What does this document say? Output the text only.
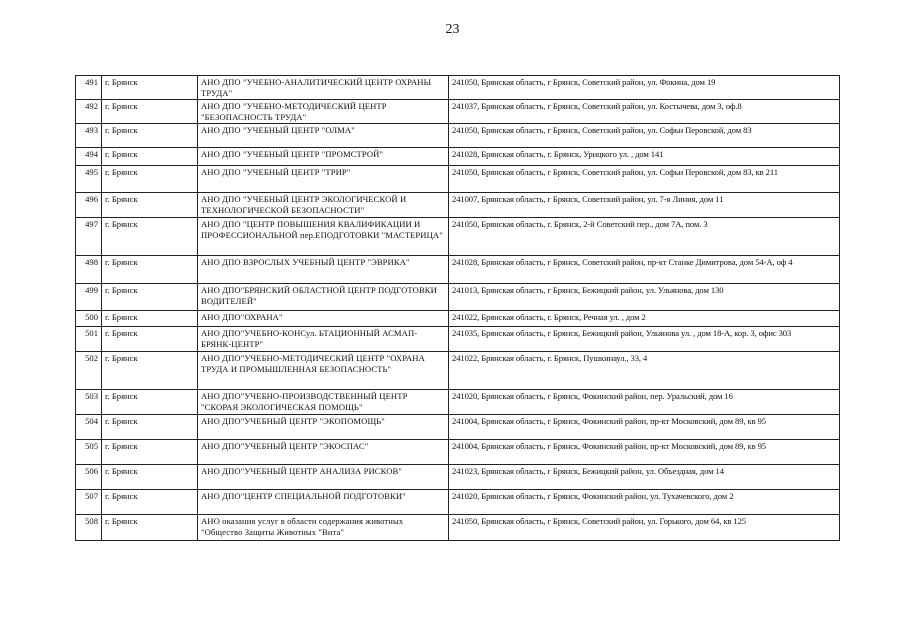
23
491	г. Брянск	АНО ДПО "УЧЕБНО-АНАЛИТИЧЕСКИЙ ЦЕНТР ОХРАНЫ ТРУДА"	241050, Брянская область, г Брянск, Советский район, ул. Фокина, дом 19
492	г. Брянск	АНО ДПО "УЧЕБНО-МЕТОДИЧЕСКИЙ ЦЕНТР "БЕЗОПАСНОСТЬ ТРУДА"	241037, Брянская область, г Брянск, Советский район, ул. Костычева, дом 3, оф.8
493	г. Брянск	АНО ДПО "УЧЕБНЫЙ ЦЕНТР "ОЛМА"	241050, Брянская область, г Брянск, Советский район, ул. Софьи Перовской, дом 83
494	г. Брянск	АНО ДПО "УЧЕБНЫЙ ЦЕНТР "ПРОМСТРОЙ"	241028, Брянская область, г. Брянск, Урицкого ул. , дом 141
495	г. Брянск	АНО ДПО "УЧЕБНЫЙ ЦЕНТР "ТРИР"	241050, Брянская область, г Брянск, Советский район, ул. Софьи Перовской, дом 83, кв 211
496	г. Брянск	АНО ДПО "УЧЕБНЫЙ ЦЕНТР ЭКОЛОГИЧЕСКОЙ И ТЕХНОЛОГИЧЕСКОЙ БЕЗОПАСНОСТИ"	241007, Брянская область, г Брянск, Советский район, ул. 7-я Линия, дом 11
497	г. Брянск	АНО ДПО "ЦЕНТР ПОВЫШЕНИЯ КВАЛИФИКАЦИИ И ПРОФЕССИОНАЛЬНОЙ пер.ЕПОДГОТОВКИ "МАСТЕРИЦА"	241050, Брянская область, г. Брянск, 2-й Советский пер., дом 7А, пом. 3
498	г. Брянск	АНО ДПО ВЗРОСЛЫХ УЧЕБНЫЙ ЦЕНТР "ЭВРИКА"	241028, Брянская область, г Брянск, Советский район, пр-кт Станке Димитрова, дом 54-А, оф 4
499	г. Брянск	АНО ДПО"БРЯНСКИЙ ОБЛАСТНОЙ ЦЕНТР ПОДГОТОВКИ ВОДИТЕЛЕЙ"	241013, Брянская область, г Брянск, Бежицкий район, ул. Ульянова, дом 130
500	г. Брянск	АНО ДПО"ОХРАНА"	241022, Брянская область, г. Брянск, Речная ул. , дом 2
501	г. Брянск	АНО ДПО"УЧЕБНО-КОНСул. ЬТАЦИОННЫЙ АСМАП-БРЯНК-ЦЕНТР"	241035, Брянская область, г Брянск, Бежицкий район, Ульянова ул. , дом 18-А, кор. 3, офис 303
502	г. Брянск	АНО ДПО"УЧЕБНО-МЕТОДИЧЕСКИЙ ЦЕНТР "ОХРАНА ТРУДА И ПРОМЫШЛЕННАЯ БЕЗОПАСНОСТЬ"	241022, Брянская область, г. Брянск, Пушкинаул., 33, 4
503	г. Брянск	АНО ДПО"УЧЕБНО-ПРОИЗВОДСТВЕННЫЙ ЦЕНТР "СКОРАЯ ЭКОЛОГИЧЕСКАЯ ПОМОЩЬ"	241020, Брянская область, г Брянск, Фокинский район, пер. Уральский, дом 16
504	г. Брянск	АНО ДПО"УЧЕБНЫЙ ЦЕНТР "ЭКОПОМОЩЬ"	241004, Брянская область, г Брянск, Фокинский район, пр-кт Московский, дом 89, кв 95
505	г. Брянск	АНО ДПО"УЧЕБНЫЙ ЦЕНТР "ЭКОСПАС"	241004, Брянская область, г Брянск, Фокинский район, пр-кт Московский, дом 89, кв 95
506	г. Брянск	АНО ДПО"УЧЕБНЫЙ ЦЕНТР АНАЛИЗА РИСКОВ"	241023, Брянская область, г Брянск, Бежицкий район, ул. Объездная, дом 14
507	г. Брянск	АНО ДПО"ЦЕНТР СПЕЦИАЛЬНОЙ ПОДГОТОВКИ"	241020, Брянская область, г Брянск, Фокинский район, ул. Тухачевского, дом 2
508	г. Брянск	АНО оказания услуг в области содержания животных "Общество Защиты Животных "Вита"	241050, Брянская область, г Брянск, Советский район, ул. Горького, дом 64, кв 125
